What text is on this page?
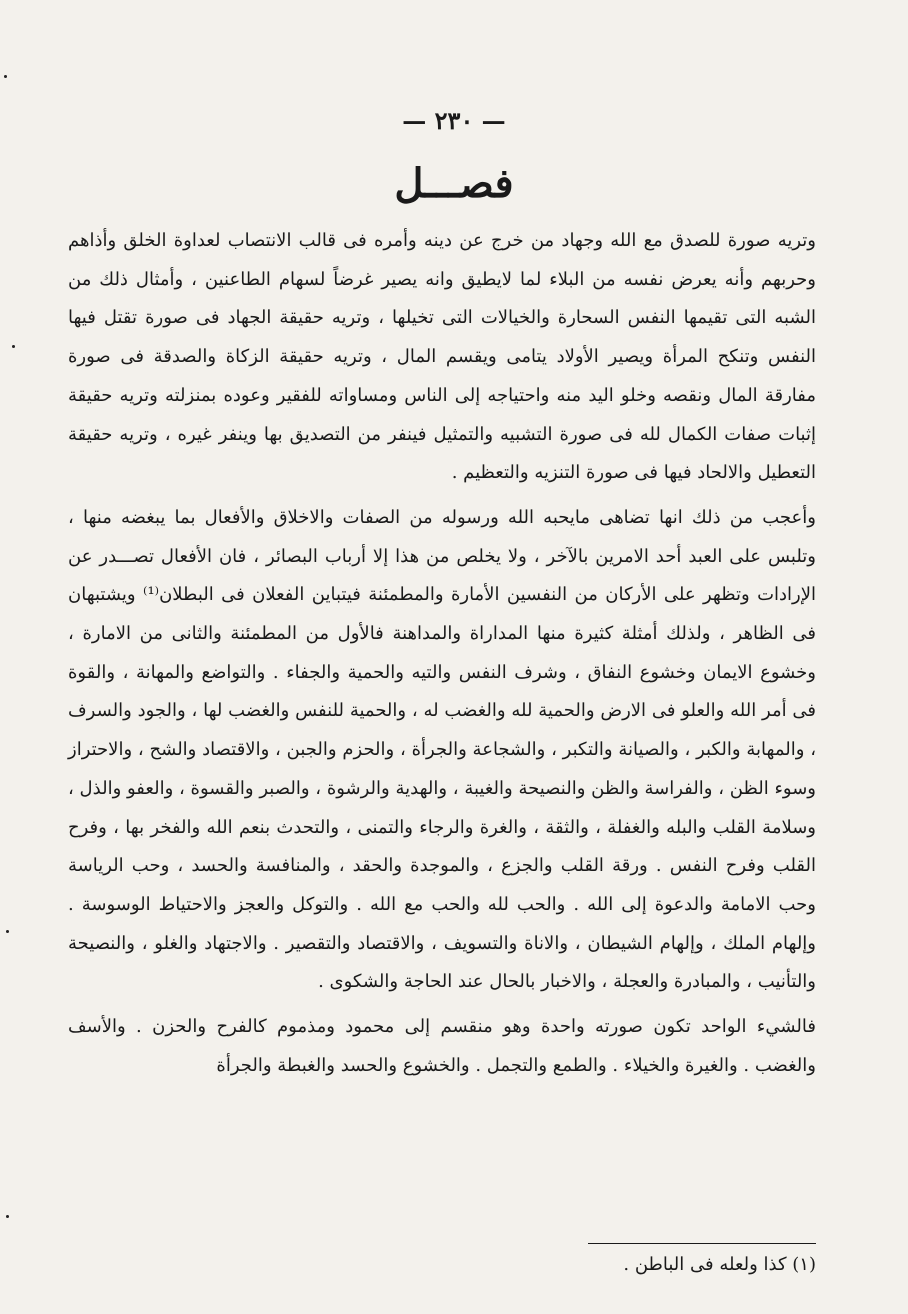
— ٢٣٠ —
فصـــل

وتريه صورة للصدق مع الله وجهاد من خرج عن دينه وأمره فى قالب الانتصاب لعداوة الخلق وأذاهم وحربهم وأنه يعرض نفسه من البلاء لما لايطيق وانه يصير غرضاً لسهام الطاعنين ، وأمثال ذلك من الشبه التى تقيمها النفس السحارة والخيالات التى تخيلها ، وتريه حقيقة الجهاد فى صورة تقتل فيها النفس وتنكح المرأة ويصير الأولاد يتامى ويقسم المال ، وتريه حقيقة الزكاة والصدقة فى صورة مفارقة المال ونقصه وخلو اليد منه واحتياجه إلى الناس ومساواته للفقير وعوده بمنزلته وتريه حقيقة إثبات صفات الكمال لله فى صورة التشبيه والتمثيل فينفر من التصديق بها وينفر غيره ، وتريه حقيقة التعطيل والالحاد فيها فى صورة التنزيه والتعظيم .

وأعجب من ذلك انها تضاهى مايحبه الله ورسوله من الصفات والاخلاق والأفعال بما يبغضه منها ، وتلبس على العبد أحد الامرين بالآخر ، ولا يخلص من هذا إلا أرباب البصائر ، فان الأفعال تصـــدر عن الإرادات وتظهر على الأركان من النفسين الأمارة والمطمئنة فيتباين الفعلان فى البطلان⁽¹⁾ ويشتبهان فى الظاهر ، ولذلك أمثلة كثيرة منها المداراة والمداهنة فالأول من المطمئنة والثانى من الامارة ، وخشوع الايمان وخشوع النفاق ، وشرف النفس والتيه والحمية والجفاء . والتواضع والمهانة ، والقوة فى أمر الله والعلو فى الارض والحمية لله والغضب له ، والحمية للنفس والغضب لها ، والجود والسرف ، والمهابة والكبر ، والصيانة والتكبر ، والشجاعة والجرأة ، والحزم والجبن ، والاقتصاد والشح ، والاحتراز وسوء الظن ، والفراسة والظن والنصيحة والغيبة ، والهدية والرشوة ، والصبر والقسوة ، والعفو والذل ، وسلامة القلب والبله والغفلة ، والثقة ، والغرة والرجاء والتمنى ، والتحدث بنعم الله والفخر بها ، وفرح القلب وفرح النفس . ورقة القلب والجزع ، والموجدة والحقد ، والمنافسة والحسد ، وحب الرياسة وحب الامامة والدعوة إلى الله . والحب لله والحب مع الله . والتوكل والعجز والاحتياط الوسوسة . وإلهام الملك ، وإلهام الشيطان ، والاناة والتسويف ، والاقتصاد والتقصير . والاجتهاد والغلو ، والنصيحة والتأنيب ، والمبادرة والعجلة ، والاخبار بالحال عند الحاجة والشكوى .

فالشيء الواحد تكون صورته واحدة وهو منقسم إلى محمود ومذموم كالفرح والحزن . والأسف والغضب . والغيرة والخيلاء . والطمع والتجمل . والخشوع والحسد والغبطة والجرأة

(١) كذا ولعله فى الباطن .
